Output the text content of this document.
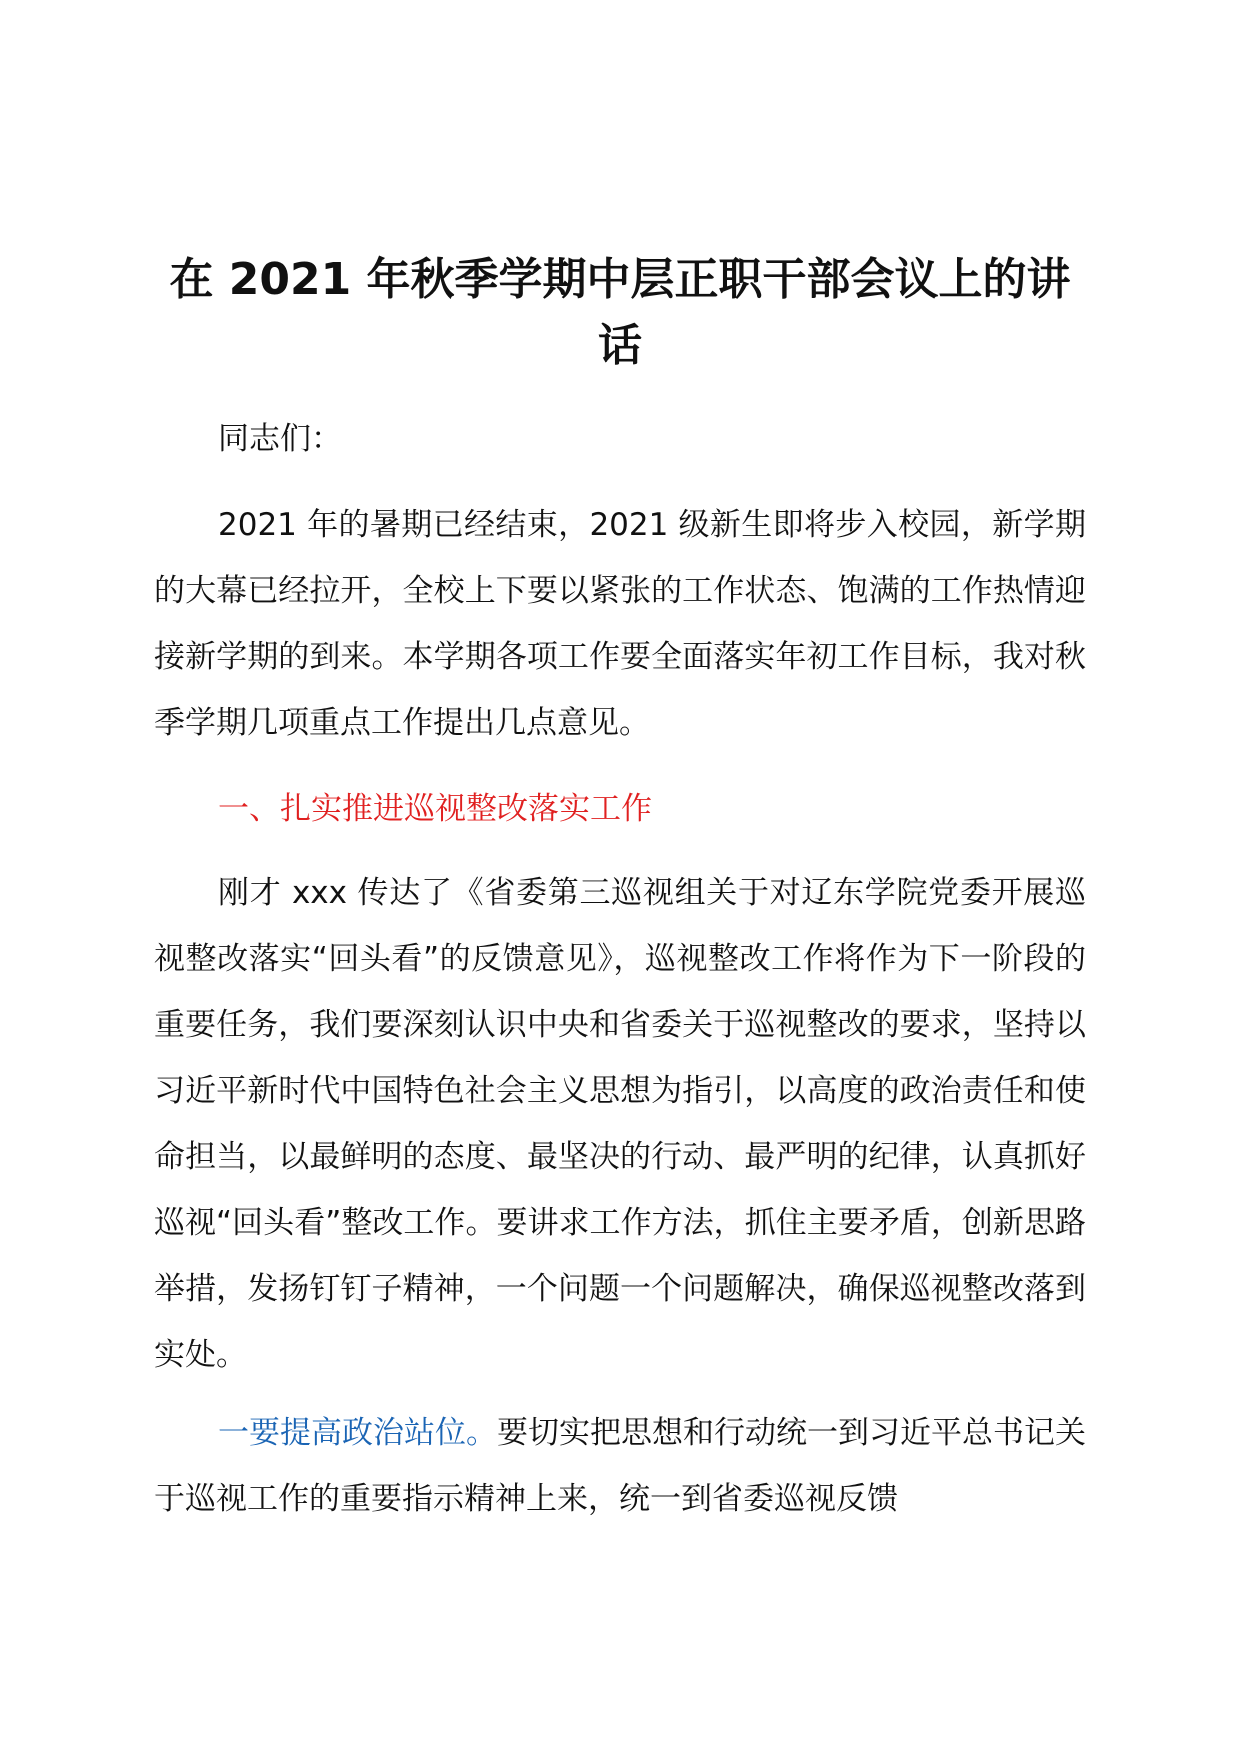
在 2021 年秋季学期中层正职干部会议上的讲
话

同志们：

2021 年的暑期已经结束，2021 级新生即将步入校园，新学期的大幕已经拉开，全校上下要以紧张的工作状态、饱满的工作热情迎接新学期的到来。本学期各项工作要全面落实年初工作目标，我对秋季学期几项重点工作提出几点意见。

一、扎实推进巡视整改落实工作

刚才 xxx 传达了《省委第三巡视组关于对辽东学院党委开展巡视整改落实“回头看”的反馈意见》，巡视整改工作将作为下一阶段的重要任务，我们要深刻认识中央和省委关于巡视整改的要求，坚持以习近平新时代中国特色社会主义思想为指引，以高度的政治责任和使命担当，以最鲜明的态度、最坚决的行动、最严明的纪律，认真抓好巡视“回头看”整改工作。要讲求工作方法，抓住主要矛盾，创新思路举措，发扬钉钉子精神，一个问题一个问题解决，确保巡视整改落到实处。

一要提高政治站位。要切实把思想和行动统一到习近平总书记关于巡视工作的重要指示精神上来，统一到省委巡视反馈
